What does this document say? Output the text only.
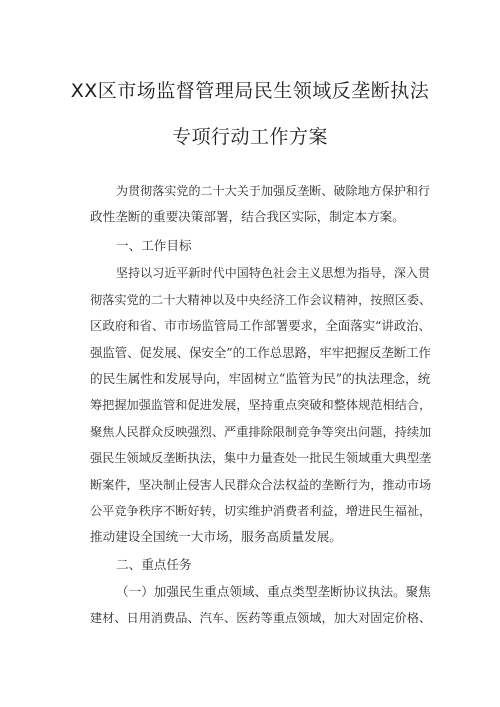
XX区市场监督管理局民生领域反垄断执法
专项行动工作方案
为贯彻落实党的二十大关于加强反垄断、破除地方保护和行
政性垄断的重要决策部署，结合我区实际，制定本方案。
一、工作目标
坚持以习近平新时代中国特色社会主义思想为指导，深入贯
彻落实党的二十大精神以及中央经济工作会议精神，按照区委、
区政府和省、市市场监管局工作部署要求，全面落实“讲政治、
强监管、促发展、保安全”的工作总思路，牢牢把握反垄断工作
的民生属性和发展导向，牢固树立“监管为民”的执法理念，统
筹把握加强监管和促进发展，坚持重点突破和整体规范相结合，
聚焦人民群众反映强烈、严重排除限制竞争等突出问题，持续加
强民生领域反垄断执法，集中力量查处一批民生领域重大典型垄
断案件，坚决制止侵害人民群众合法权益的垄断行为，推动市场
公平竞争秩序不断好转，切实维护消费者利益，增进民生福祉，
推动建设全国统一大市场，服务高质量发展。
二、重点任务
（一）加强民生重点领域、重点类型垄断协议执法。聚焦
建材、日用消费品、汽车、医药等重点领域，加大对固定价格、
